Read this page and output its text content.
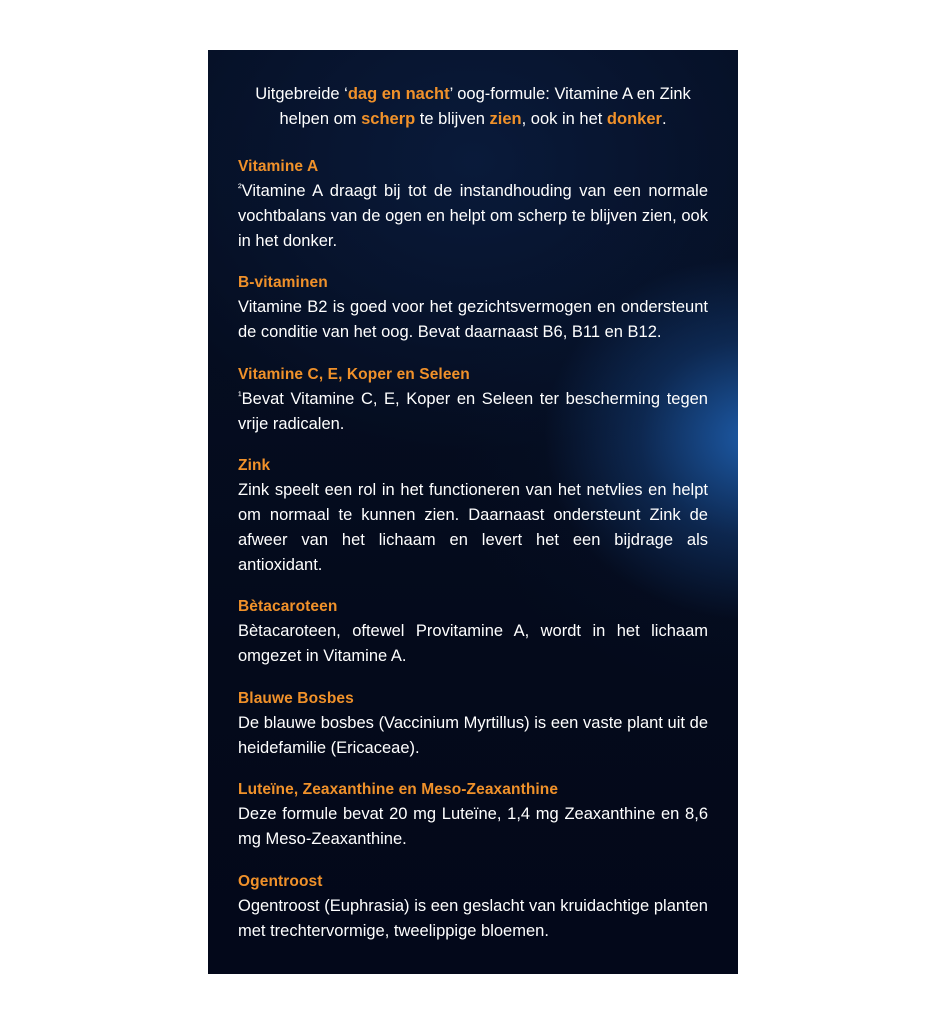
Uitgebreide ‘dag en nacht’ oog-formule: Vitamine A en Zink helpen om scherp te blijven zien, ook in het donker.

Vitamine A

$^{^2}$Vitamine A draagt bij tot de instandhouding van een normale vochtbalans van de ogen en helpt om scherp te blijven zien, ook in het donker.

B-vitaminen

Vitamine B2 is goed voor het gezichtsvermogen en ondersteunt de conditie van het oog. Bevat daarnaast B6, B11 en B12.

Vitamine C, E, Koper en Seleen

$^{^1}$Bevat Vitamine C, E, Koper en Seleen ter bescherming tegen vrije radicalen.

Zink

Zink speelt een rol in het functioneren van het netvlies en helpt om normaal te kunnen zien. Daarnaast ondersteunt Zink de afweer van het lichaam en levert het een bijdrage als antioxidant.

Bètacaroteen

Bètacaroteen, oftewel Provitamine A, wordt in het lichaam omgezet in Vitamine A.

Blauwe Bosbes

De blauwe bosbes (Vaccinium Myrtillus) is een vaste plant uit de heidefamilie (Ericaceae).

Luteïne, Zeaxanthine en Meso-Zeaxanthine

Deze formule bevat 20 mg Luteïne, 1,4 mg Zeaxanthine en 8,6 mg Meso-Zeaxanthine.

Ogentroost

Ogentroost (Euphrasia) is een geslacht van kruidachtige planten met trechtervormige, tweelippige bloemen.
